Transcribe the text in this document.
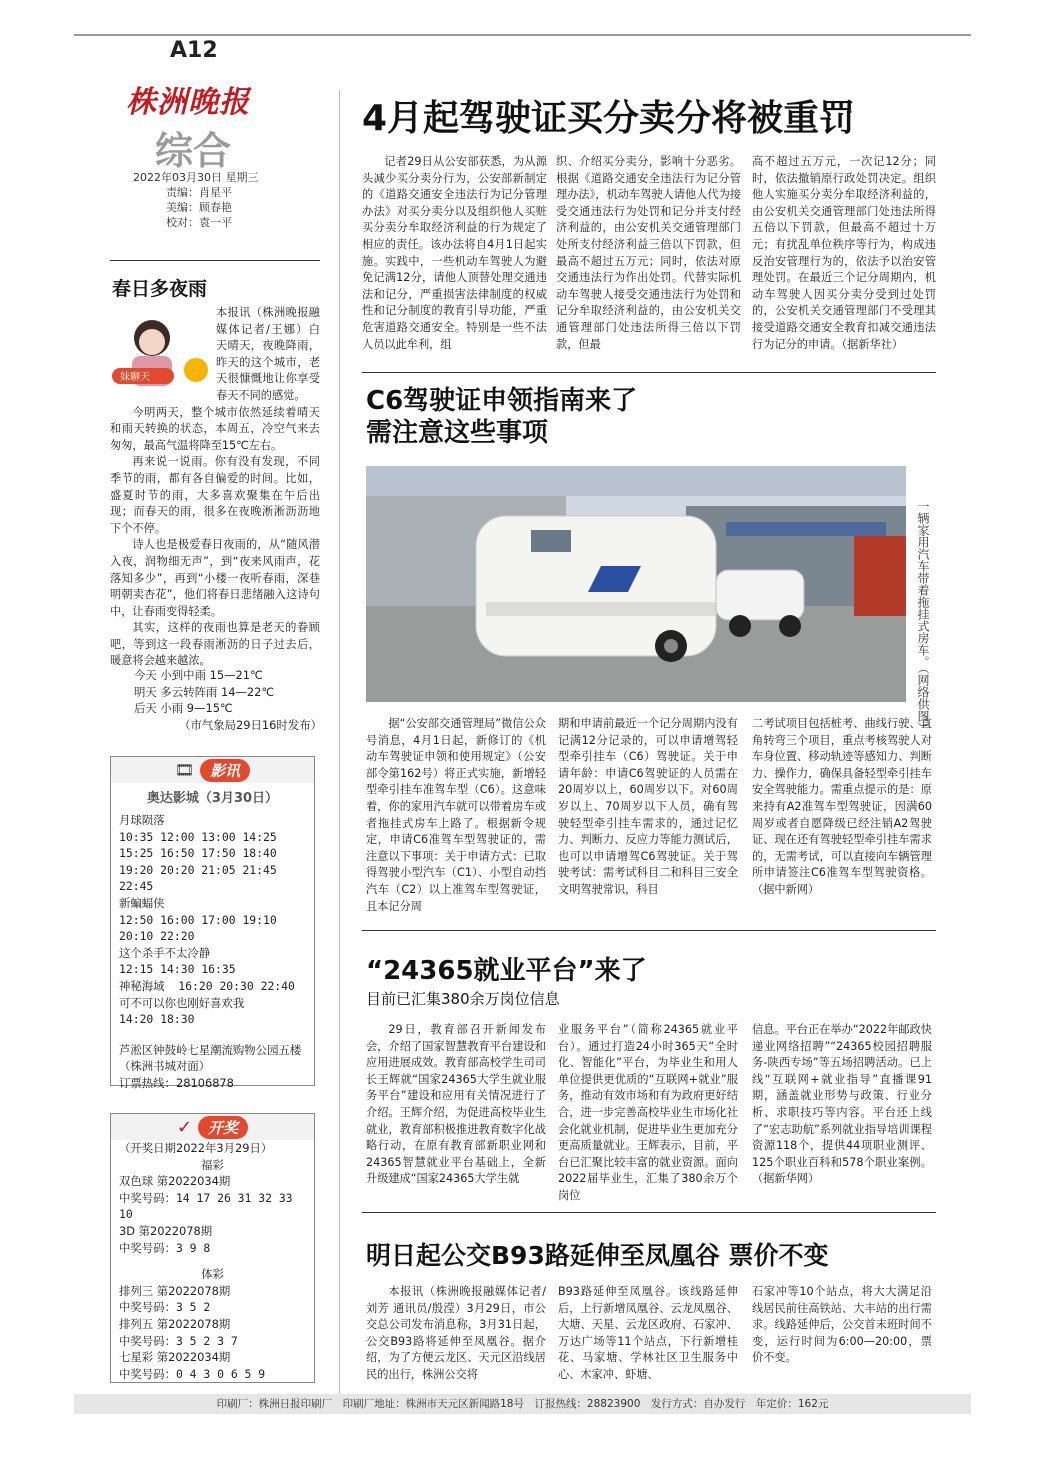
A12
株洲晚报
综合
2022年03月30日 星期三
责编：肖星平
美编：顾春艳
校对：袁一平
春日多夜雨
妹聊天

本报讯（株洲晚报融媒体记者/王娜）白天晴天，夜晚降雨，昨天的这个城市，老天很慷慨地让你享受春天不同的感觉。

今明两天，整个城市依然延续着晴天和雨天转换的状态，本周五，冷空气来去匆匆，最高气温将降至15℃左右。

再来说一说雨。你有没有发现，不同季节的雨，都有各自偏爱的时间。比如，盛夏时节的雨，大多喜欢聚集在午后出现；而春天的雨，很多在夜晚淅淅沥沥地下个不停。

诗人也是极爱春日夜雨的，从“随风潜入夜，润物细无声”，到“夜来风雨声，花落知多少”，再到“小楼一夜听春雨，深巷明朝卖杏花”，他们将春日悲绪融入这诗句中，让春雨变得轻柔。

其实，这样的夜雨也算是老天的眷顾吧，等到这一段春雨淅沥的日子过去后，暖意将会越来越浓。

今天 小到中雨 15—21℃
明天 多云转阵雨 14—22℃
后天 小雨 9—15℃
（市气象局29日16时发布）
🎞	影讯
奥达影城（3月30日）
月球陨落
10:35 12:00 13:00 14:25 15:25 16:50 17:50 18:40 19:20 20:20 21:05 21:45 22:45
新蝙蝠侠
12:50 16:00 17:00 19:10 20:10 22:20
这个杀手不太冷静
12:15 14:30 16:35
神秘海域 16:20 20:30 22:40
可不可以你也刚好喜欢我
14:20 18:30
芦淞区钟鼓岭七星潮流购物公园五楼（株洲书城对面）
订票热线：28106878
✓	开奖
（开奖日期2022年3月29日）
福彩
双色球 第2022034期
中奖号码：14 17 26 31 32 33 10
3D 第2022078期
中奖号码：3 9 8
体彩
排列三 第2022078期
中奖号码：3 5 2
排列五 第2022078期
中奖号码：3 5 2 3 7
七星彩 第2022034期
中奖号码：0 4 3 0 6 5 9
4月起驾驶证买分卖分将被重罚

记者29日从公安部获悉，为从源头减少买分卖分行为，公安部新制定的《道路交通安全违法行为记分管理办法》对买分卖分以及组织他人买赃买分卖分牟取经济利益的行为规定了相应的责任。该办法将自4月1日起实施。实践中，一些机动车驾驶人为避免记满12分，请他人顶替处理交通违法和记分，严重损害法律制度的权威性和记分制度的教育引导功能，严重危害道路交通安全。特别是一些不法人员以此牟利，组

织、介绍买分卖分，影响十分恶劣。根据《道路交通安全违法行为记分管理办法》，机动车驾驶人请他人代为接受交通违法行为处罚和记分并支付经济利益的，由公安机关交通管理部门处所支付经济利益三倍以下罚款，但最高不超过五万元；同时，依法对原交通违法行为作出处罚。代替实际机动车驾驶人接受交通违法行为处罚和记分牟取经济利益的，由公安机关交通管理部门处违法所得三倍以下罚款，但最

高不超过五万元，一次记12分；同时，依法撤销原行政处罚决定。组织他人实施买分卖分牟取经济利益的，由公安机关交通管理部门处违法所得五倍以下罚款，但最高不超过十万元；有扰乱单位秩序等行为，构成违反治安管理行为的，依法予以治安管理处罚。在最近三个记分周期内，机动车驾驶人因买分卖分受到过处罚的，公安机关交通管理部门不受理其接受道路交通安全教育扣减交通违法行为记分的申请。（据新华社）

C6驾驶证申领指南来了
需注意这些事项
一辆家用汽车带着拖挂式房车。（网络供图）

据“公安部交通管理局”微信公众号消息，4月1日起，新修订的《机动车驾驶证申领和使用规定》（公安部令第162号）将正式实施，新增轻型牵引挂车准驾车型（C6）。这意味着，你的家用汽车就可以带着房车或者拖挂式房车上路了。根据新令规定，申请C6准驾车型驾驶证的，需注意以下事项：关于申请方式：已取得驾驶小型汽车（C1）、小型自动挡汽车（C2）以上准驾车型驾驶证，且本记分周

期和申请前最近一个记分周期内没有记满12分记录的，可以申请增驾轻型牵引挂车（C6）驾驶证。关于申请年龄：申请C6驾驶证的人员需在20周岁以上，60周岁以下。对60周岁以上、70周岁以下人员，确有驾驶轻型牵引挂车需求的，通过记忆力、判断力、反应力等能力测试后，也可以申请增驾C6驾驶证。关于驾驶考试：需考试科目二和科目三安全文明驾驶常识，科目

二考试项目包括桩考、曲线行驶、直角转弯三个项目，重点考核驾驶人对车身位置、移动轨迹等感知力、判断力、操作力，确保具备轻型牵引挂车安全驾驶能力。需重点提示的是：原来持有A2准驾车型驾驶证，因满60周岁或者自愿降级已经注销A2驾驶证、现在还有驾驶轻型牵引挂车需求的，无需考试，可以直接向车辆管理所申请签注C6准驾车型驾驶资格。（据中新网）

“24365就业平台”来了
目前已汇集380余万岗位信息

29日，教育部召开新闻发布会，介绍了国家智慧教育平台建设和应用进展成效。教育部高校学生司司长王辉就“国家24365大学生就业服务平台”建设和应用有关情况进行了介绍。王辉介绍，为促进高校毕业生就业，教育部积极推进教育数字化战略行动，在原有教育部新职业网和24365智慧就业平台基础上，全新升级建成“国家24365大学生就

业服务平台”（简称24365就业平台）。通过打造24小时365天“全时化、智能化”平台，为毕业生和用人单位提供更优质的“互联网+就业”服务，推动有效市场和有为政府更好结合，进一步完善高校毕业生市场化社会化就业机制，促进毕业生更加充分更高质量就业。王辉表示，目前，平台已汇聚比较丰富的就业资源。面向2022届毕业生，汇集了380余万个岗位

信息。平台正在举办“2022年邮政快递业网络招聘”“24365校园招聘服务-陕西专场”等五场招聘活动。已上线“互联网+就业指导”直播课91期，涵盖就业形势与政策、行业分析、求职技巧等内容。平台还上线了“宏志助航”系列就业指导培训课程资源118个，提供44项职业测评、125个职业百科和578个职业案例。（据新华网）

明日起公交B93路延伸至凤凰谷 票价不变

本报讯（株洲晚报融媒体记者/刘芳 通讯员/殷滢）3月29日，市公交总公司发布消息称，3月31日起，公交B93路将延伸至凤凰谷。据介绍，为了方便云龙区、天元区沿线居民的出行，株洲公交将

B93路延伸至凤凰谷。该线路延伸后，上行新增凤凰谷、云龙凤凰谷、大塘、天星、云龙区政府、石家冲、万达广场等11个站点，下行新增桂花、马家塘、学林社区卫生服务中心、木家冲、虾塘、

石家冲等10个站点，将大大满足沿线居民前往高铁站、大丰站的出行需求。线路延伸后，公交首末班时间不变，运行时间为6:00—20:00，票价不变。

印刷厂：株洲日报印刷厂　印刷厂地址：株洲市天元区新闻路18号　订报热线：28823900　发行方式：自办发行　年定价：162元
